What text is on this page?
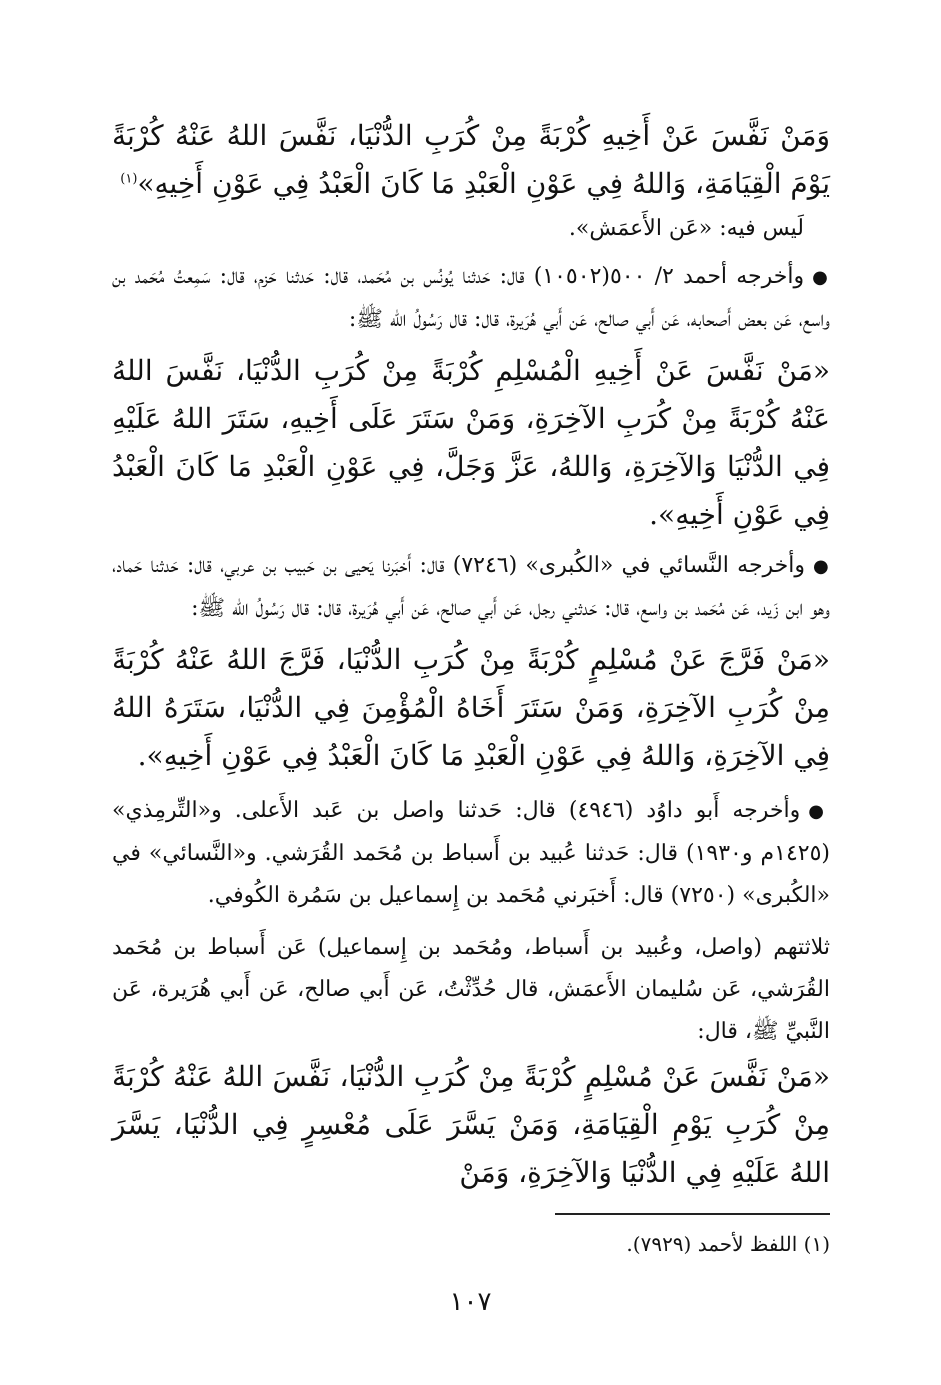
وَمَنْ نَفَّسَ عَنْ أَخِيهِ كُرْبَةً مِنْ كُرَبِ الدُّنْيَا، نَفَّسَ اللهُ عَنْهُ كُرْبَةً يَوْمَ الْقِيَامَةِ، وَاللهُ فِي عَوْنِ الْعَبْدِ مَا كَانَ الْعَبْدُ فِي عَوْنِ أَخِيهِ»$^{(١)}$

لَيس فيه: «عَن الأَعمَش».

●وأخرجه أحمد ٢/ ٥٠٠(١٠٥٠٢) قال: حَدثنا يُونُس بن مُحَمد، قال: حَدثنا حَزم، قال: سَمِعتُ مُحَمد بن واسع، عَن بعض أَصحابه، عَن أَبي صالح، عَن أَبي هُرَيرة، قال: قال رَسُولُ الله ﷺ:

«مَنْ نَفَّسَ عَنْ أَخِيهِ الْمُسْلِمِ كُرْبَةً مِنْ كُرَبِ الدُّنْيَا، نَفَّسَ اللهُ عَنْهُ كُرْبَةً مِنْ كُرَبِ الآخِرَةِ، وَمَنْ سَتَرَ عَلَى أَخِيهِ، سَتَرَ اللهُ عَلَيْهِ فِي الدُّنْيَا وَالآخِرَةِ، وَاللهُ، عَزَّ وَجَلَّ، فِي عَوْنِ الْعَبْدِ مَا كَانَ الْعَبْدُ فِي عَوْنِ أَخِيهِ».

●وأخرجه النَّسائي في «الكُبرى» (٧٢٤٦) قال: أَخبَرنا يَحيى بن حَبيب بن عربي، قال: حَدثنا حَماد، وهو ابن زَيد، عَن مُحَمد بن واسع، قال: حَدثني رجل، عَن أَبي صالح، عَن أَبي هُرَيرة، قال: قال رَسُولُ الله ﷺ:

«مَنْ فَرَّجَ عَنْ مُسْلِمٍ كُرْبَةً مِنْ كُرَبِ الدُّنْيَا، فَرَّجَ اللهُ عَنْهُ كُرْبَةً مِنْ كُرَبِ الآخِرَةِ، وَمَنْ سَتَرَ أَخَاهُ الْمُؤْمِنَ فِي الدُّنْيَا، سَتَرَهُ اللهُ فِي الآخِرَةِ، وَاللهُ فِي عَوْنِ الْعَبْدِ مَا كَانَ الْعَبْدُ فِي عَوْنِ أَخِيهِ».

●وأخرجه أَبو داوُد (٤٩٤٦) قال: حَدثنا واصل بن عَبد الأَعلى. و«التِّرمِذي» (١٤٢٥م و١٩٣٠) قال: حَدثنا عُبيد بن أَسباط بن مُحَمد القُرَشي. و«النَّسائي» في «الكُبرى» (٧٢٥٠) قال: أَخبَرني مُحَمد بن إِسماعيل بن سَمُرة الكُوفي.

ثلاثتهم (واصل، وعُبيد بن أَسباط، ومُحَمد بن إِسماعيل) عَن أَسباط بن مُحَمد القُرَشي، عَن سُليمان الأَعمَش، قال حُدِّثْتُ، عَن أَبي صالح، عَن أَبي هُرَيرة، عَن النَّبيِّ ﷺ، قال:

«مَنْ نَفَّسَ عَنْ مُسْلِمٍ كُرْبَةً مِنْ كُرَبِ الدُّنْيَا، نَفَّسَ اللهُ عَنْهُ كُرْبَةً مِنْ كُرَبِ يَوْمِ الْقِيَامَةِ، وَمَنْ يَسَّرَ عَلَى مُعْسِرٍ فِي الدُّنْيَا، يَسَّرَ اللهُ عَلَيْهِ فِي الدُّنْيَا وَالآخِرَةِ، وَمَنْ

(١) اللفظ لأحمد (٧٩٢٩).
١٠٧
